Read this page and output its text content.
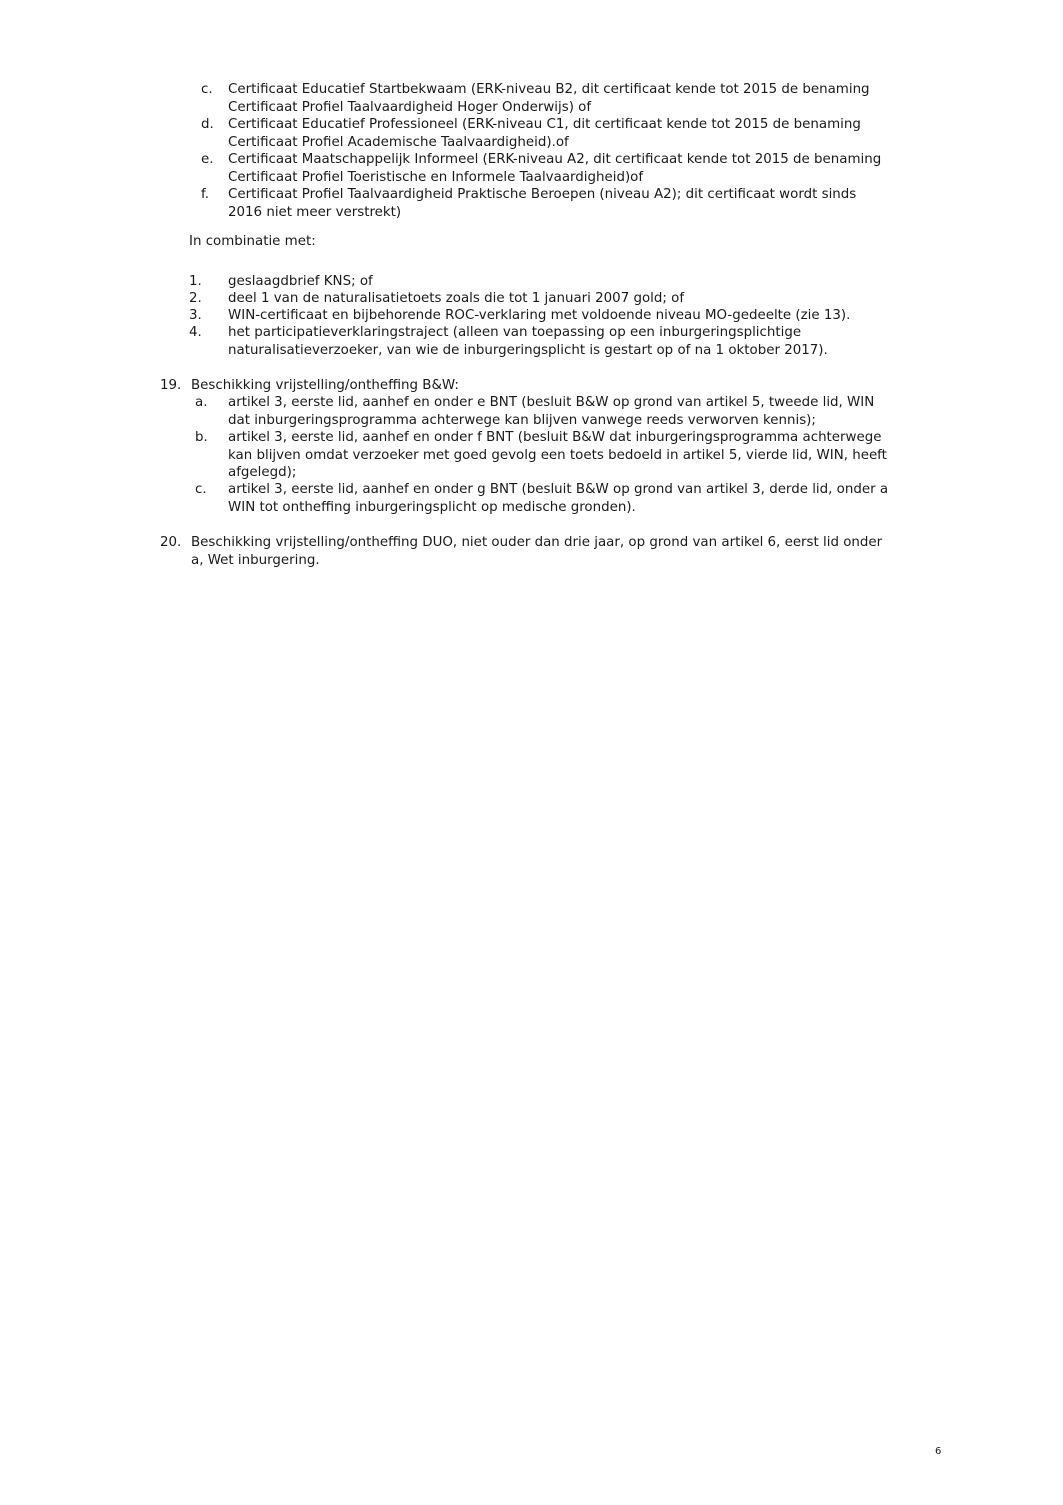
c.	Certificaat Educatief Startbekwaam (ERK-niveau B2, dit certificaat kende tot 2015 de benaming
Certificaat Profiel Taalvaardigheid Hoger Onderwijs) of
d.	Certificaat Educatief Professioneel (ERK-niveau C1, dit certificaat kende tot 2015 de benaming
Certificaat Profiel Academische Taalvaardigheid).of
e.	Certificaat Maatschappelijk Informeel (ERK-niveau A2, dit certificaat kende tot 2015 de benaming
Certificaat Profiel Toeristische en Informele Taalvaardigheid)of
f.	Certificaat Profiel Taalvaardigheid Praktische Beroepen (niveau A2); dit certificaat wordt sinds
2016 niet meer verstrekt)
In combinatie met:
1.	geslaagdbrief KNS; of
2.	deel 1 van de naturalisatietoets zoals die tot 1 januari 2007 gold; of
3.	WIN-certificaat en bijbehorende ROC-verklaring met voldoende niveau MO-gedeelte (zie 13).
4.	het participatieverklaringstraject (alleen van toepassing op een inburgeringsplichtige
naturalisatieverzoeker, van wie de inburgeringsplicht is gestart op of na 1 oktober 2017).
19. Beschikking vrijstelling/ontheffing B&W:
a.	artikel 3, eerste lid, aanhef en onder e BNT (besluit B&W op grond van artikel 5, tweede lid, WIN
dat inburgeringsprogramma achterwege kan blijven vanwege reeds verworven kennis);
b.	artikel 3, eerste lid, aanhef en onder f BNT (besluit B&W dat inburgeringsprogramma achterwege
kan blijven omdat verzoeker met goed gevolg een toets bedoeld in artikel 5, vierde lid, WIN, heeft
afgelegd);
c.	artikel 3, eerste lid, aanhef en onder g BNT (besluit B&W op grond van artikel 3, derde lid, onder a
WIN tot ontheffing inburgeringsplicht op medische gronden).
20. Beschikking vrijstelling/ontheffing DUO, niet ouder dan drie jaar, op grond van artikel 6, eerst lid onder
a, Wet inburgering.
6
